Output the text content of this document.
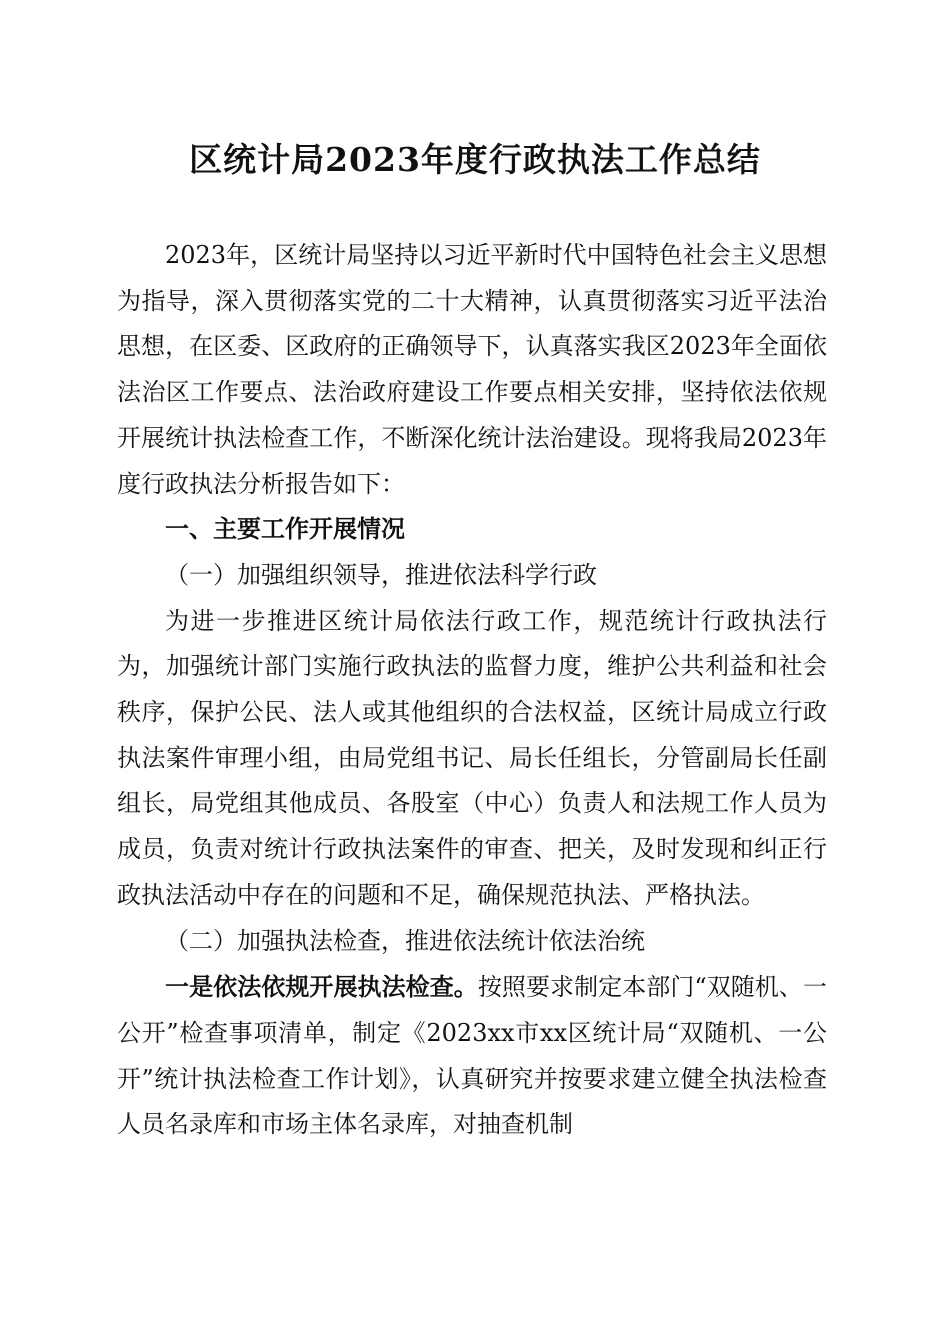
区统计局2023年度行政执法工作总结

2023年，区统计局坚持以习近平新时代中国特色社会主义思想为指导，深入贯彻落实党的二十大精神，认真贯彻落实习近平法治思想，在区委、区政府的正确领导下，认真落实我区2023年全面依法治区工作要点、法治政府建设工作要点相关安排，坚持依法依规开展统计执法检查工作，不断深化统计法治建设。现将我局2023年度行政执法分析报告如下：

一、主要工作开展情况

（一）加强组织领导，推进依法科学行政

为进一步推进区统计局依法行政工作，规范统计行政执法行为，加强统计部门实施行政执法的监督力度，维护公共利益和社会秩序，保护公民、法人或其他组织的合法权益，区统计局成立行政执法案件审理小组，由局党组书记、局长任组长，分管副局长任副组长，局党组其他成员、各股室（中心）负责人和法规工作人员为成员，负责对统计行政执法案件的审查、把关，及时发现和纠正行政执法活动中存在的问题和不足，确保规范执法、严格执法。

（二）加强执法检查，推进依法统计依法治统

一是依法依规开展执法检查。按照要求制定本部门“双随机、一公开”检查事项清单，制定《2023xx市xx区统计局“双随机、一公开”统计执法检查工作计划》，认真研究并按要求建立健全执法检查人员名录库和市场主体名录库，对抽查机制
